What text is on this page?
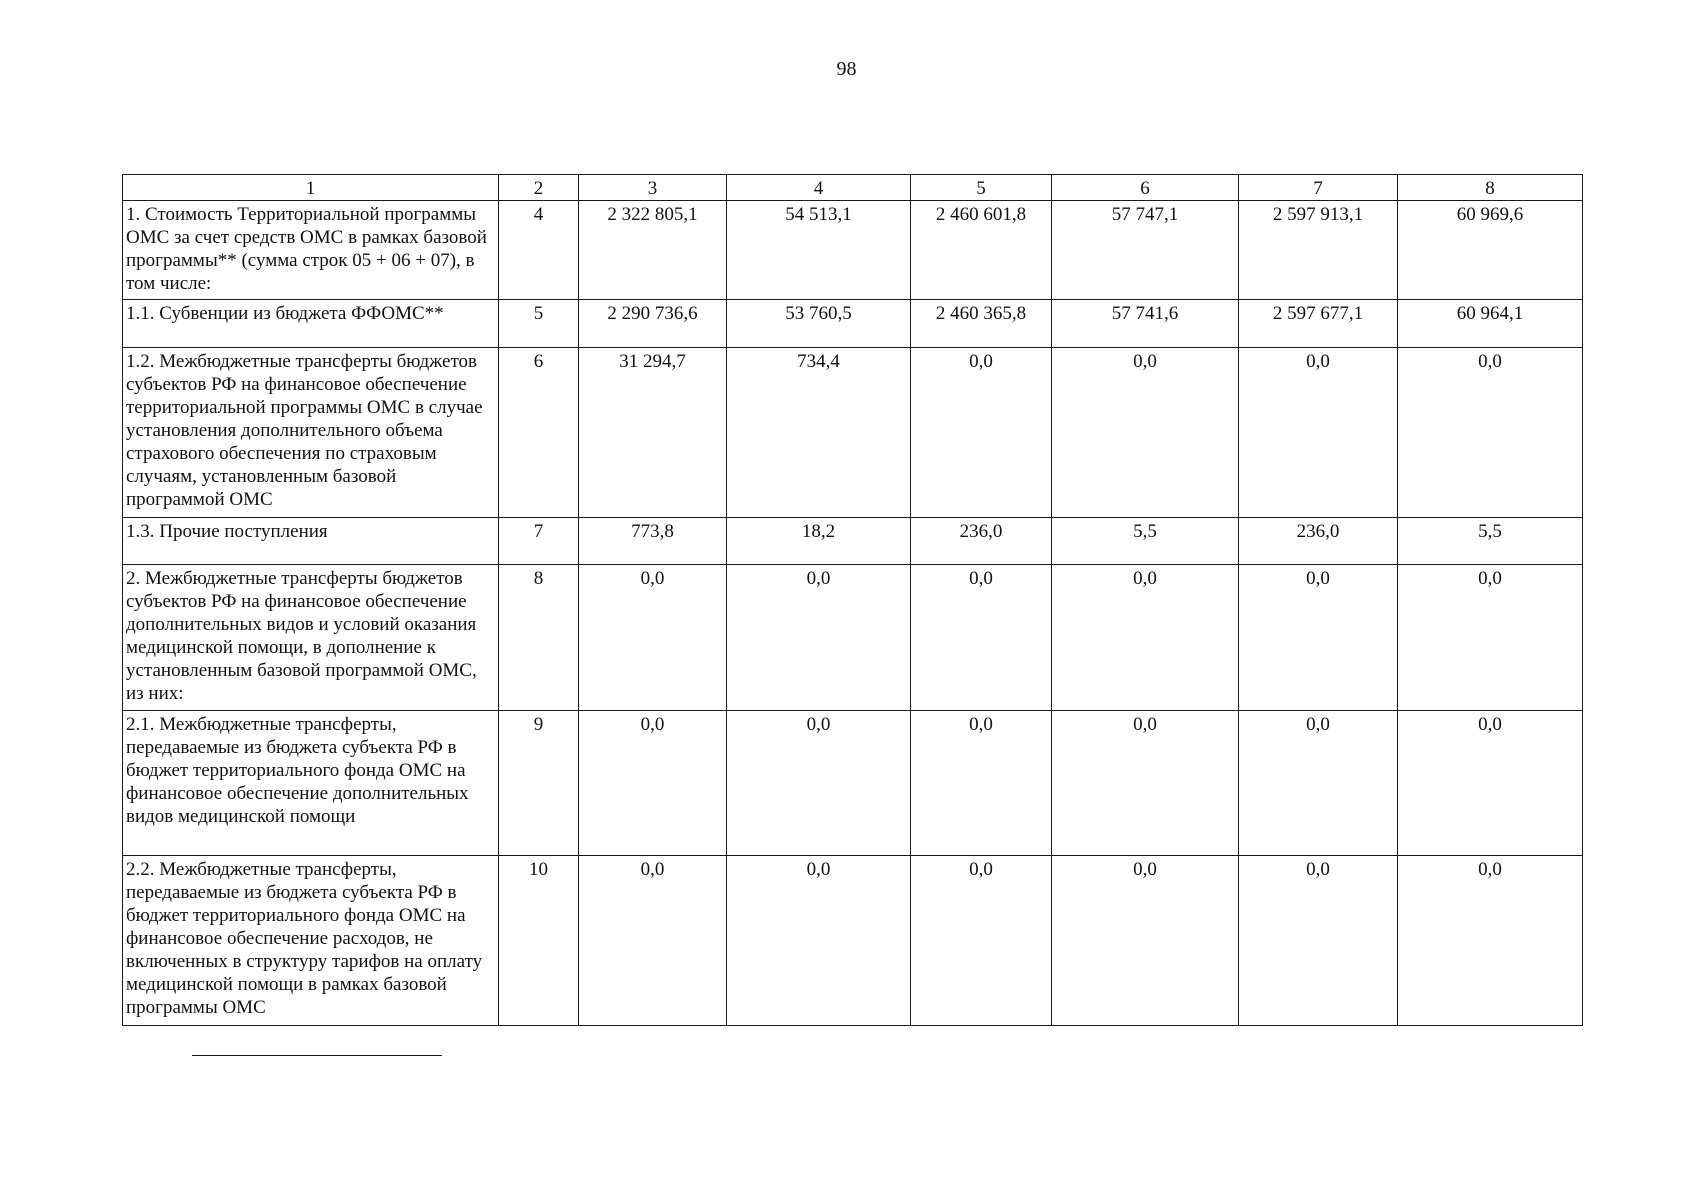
98
1	2	3	4	5	6	7	8
1. Стоимость Территориальной программы ОМС за счет средств ОМС в рамках базовой программы** (сумма строк 05 + 06 + 07), в том числе:	4	2 322 805,1	54 513,1	2 460 601,8	57 747,1	2 597 913,1	60 969,6
1.1. Субвенции из бюджета ФФОМС**	5	2 290 736,6	53 760,5	2 460 365,8	57 741,6	2 597 677,1	60 964,1
1.2. Межбюджетные трансферты бюджетов субъектов РФ на финансовое обеспечение территориальной программы ОМС в случае установления дополнительного объема страхового обеспечения по страховым случаям, установленным базовой программой ОМС	6	31 294,7	734,4	0,0	0,0	0,0	0,0
1.3. Прочие поступления	7	773,8	18,2	236,0	5,5	236,0	5,5
2. Межбюджетные трансферты бюджетов субъектов РФ на финансовое обеспечение дополнительных видов и условий оказания медицинской помощи, в дополнение к установленным базовой программой ОМС, из них:	8	0,0	0,0	0,0	0,0	0,0	0,0
2.1. Межбюджетные трансферты, передаваемые из бюджета субъекта РФ в бюджет территориального фонда ОМС на финансовое обеспечение дополнительных видов медицинской помощи	9	0,0	0,0	0,0	0,0	0,0	0,0
2.2. Межбюджетные трансферты, передаваемые из бюджета субъекта РФ в бюджет территориального фонда ОМС на финансовое обеспечение расходов, не включенных в структуру тарифов на оплату медицинской помощи в рамках базовой программы ОМС	10	0,0	0,0	0,0	0,0	0,0	0,0
